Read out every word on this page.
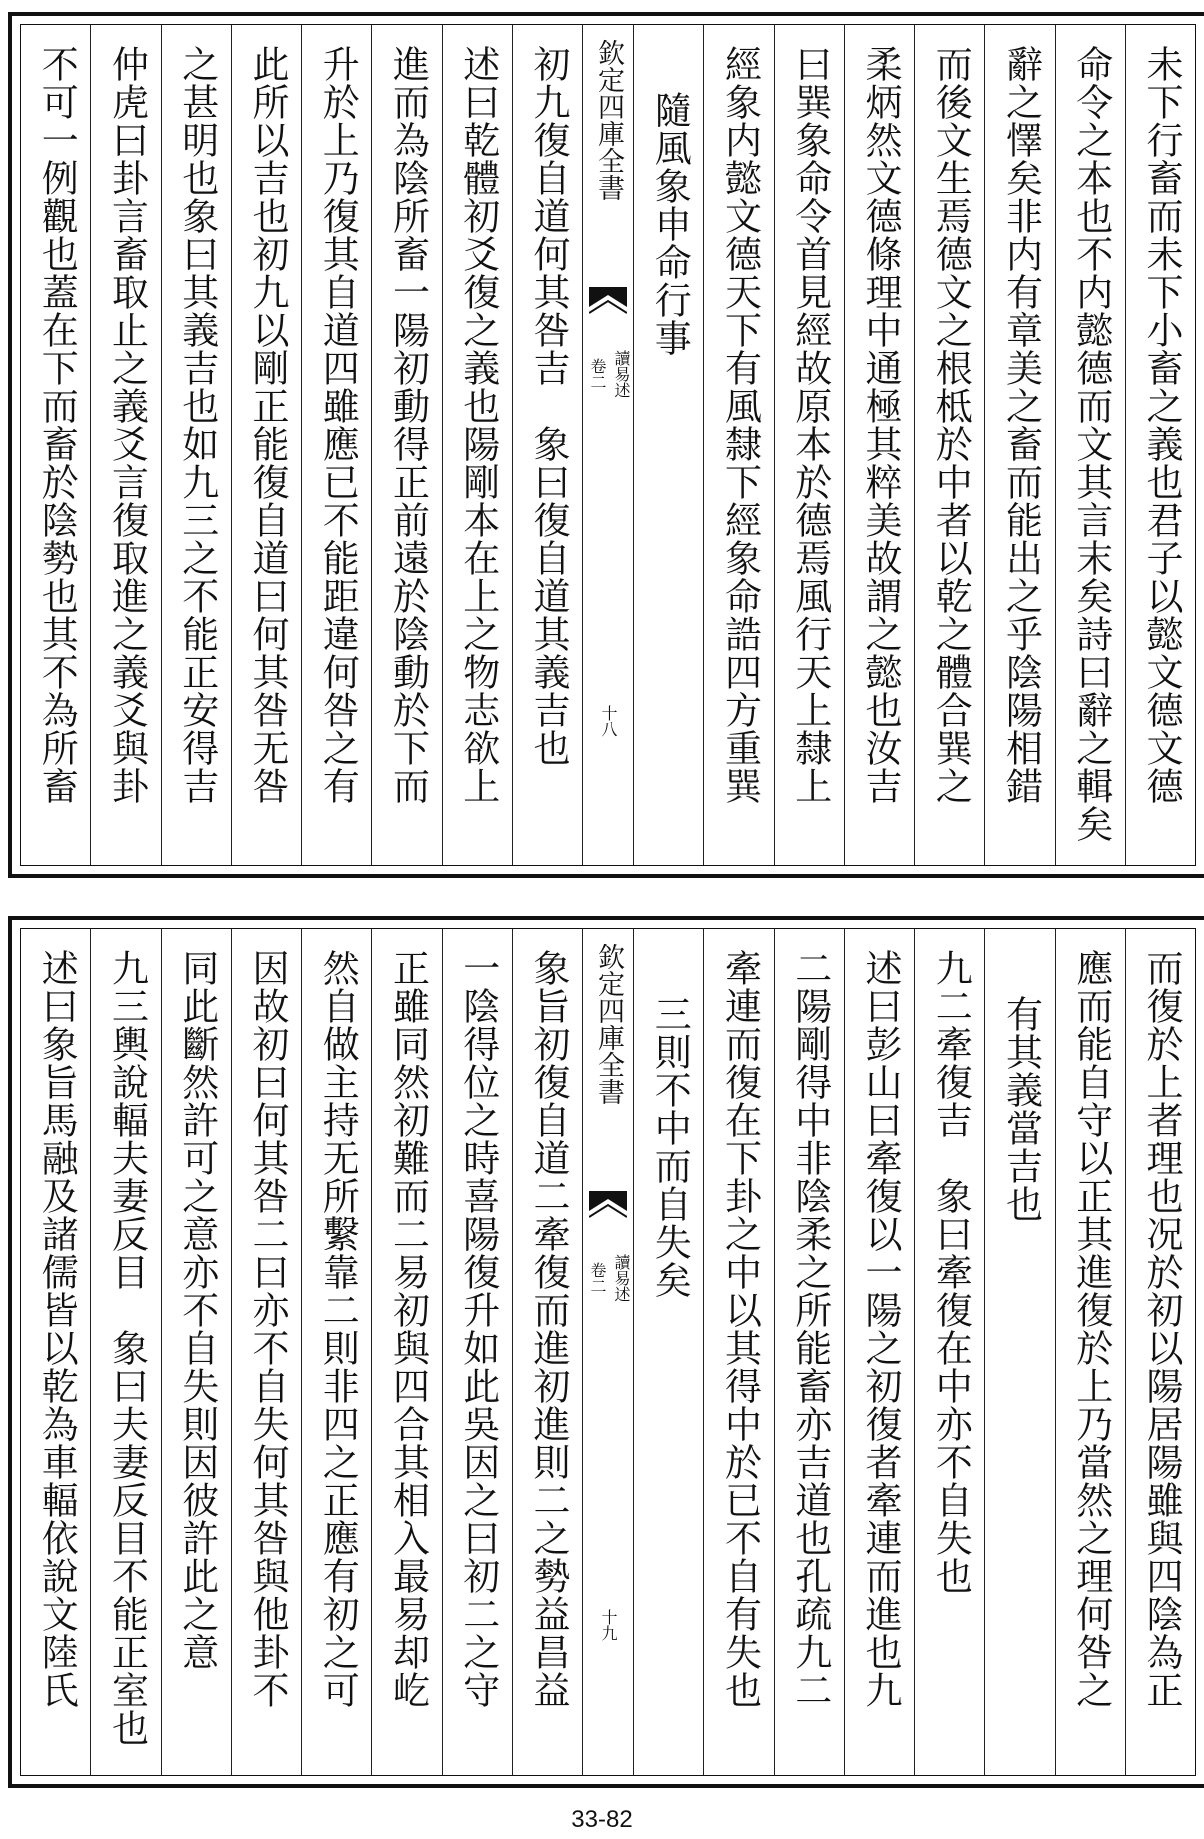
未下行畜而未下小畜之義也君子以懿文德文德
命令之本也不内懿德而文其言末矣詩曰辭之輯矣
辭之懌矣非内有章美之畜而能出之乎陰陽相錯
而後文生焉德文之根柢於中者以乾之體合巽之
柔炳然文德條理中通極其粹美故謂之懿也汝吉
曰巽象命令首見經故原本於德焉風行天上隸上
經象内懿文德天下有風隸下經象命誥四方重巽
隨風象申命行事
欽定四庫全書
讀易述
卷二
十八
初九復自道何其咎吉　象曰復自道其義吉也
述曰乾體初爻復之義也陽剛本在上之物志欲上
進而為陰所畜一陽初動得正前遠於陰動於下而
升於上乃復其自道四雖應已不能距違何咎之有
此所以吉也初九以剛正能復自道曰何其咎无咎
之甚明也象曰其義吉也如九三之不能正安得吉
仲虎曰卦言畜取止之義爻言復取進之義爻與卦
不可一例觀也蓋在下而畜於陰勢也其不為所畜
而復於上者理也况於初以陽居陽雖與四陰為正
應而能自守以正其進復於上乃當然之理何咎之
有其義當吉也
九二牽復吉　象曰牽復在中亦不自失也
述曰彭山曰牽復以一陽之初復者牽連而進也九
二陽剛得中非陰柔之所能畜亦吉道也孔疏九二
牽連而復在下卦之中以其得中於已不自有失也
三則不中而自失矣
欽定四庫全書
讀易述
卷二
十九
象旨初復自道二牽復而進初進則二之勢益昌益
一陰得位之時喜陽復升如此吳因之曰初二之守
正雖同然初難而二易初與四合其相入最易却屹
然自做主持无所繫靠二則非四之正應有初之可
因故初曰何其咎二曰亦不自失何其咎與他卦不
同此斷然許可之意亦不自失則因彼許此之意
九三輿說輻夫妻反目　象曰夫妻反目不能正室也
述曰象旨馬融及諸儒皆以乾為車輻依說文陸氏
33-82
